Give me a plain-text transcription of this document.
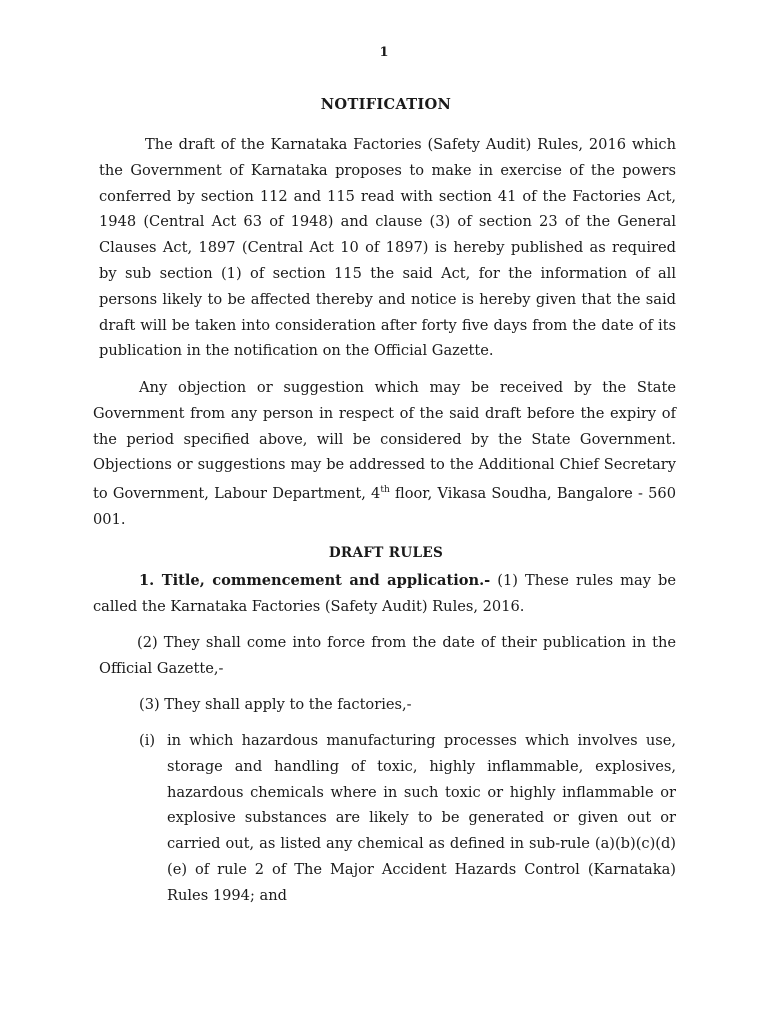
1
NOTIFICATION

The draft of the Karnataka Factories (Safety Audit) Rules, 2016 which the Government of Karnataka proposes to make in exercise of the powers conferred by section 112 and 115 read with section 41 of the Factories Act, 1948 (Central Act 63 of 1948) and clause (3) of section 23 of the General Clauses Act, 1897 (Central Act 10 of 1897) is hereby published as required by sub section (1) of section 115 the said Act, for the information of all persons likely to be affected thereby and notice is hereby given that the said draft will be taken into consideration after forty five days from the date of its publication in the notification on the Official Gazette.

Any objection or suggestion which may be received by the State Government from any person in respect of the said draft before the expiry of the period specified above, will be considered by the State Government. Objections or suggestions may be addressed to the Additional Chief Secretary to Government, Labour Department, 4th floor, Vikasa Soudha, Bangalore - 560 001.

DRAFT RULES

1. Title, commencement and application.- (1) These rules may be called the Karnataka Factories (Safety Audit) Rules, 2016.

(2) They shall come into force from the date of their publication in the Official Gazette,-

(3) They shall apply to the factories,-

(i) in which hazardous manufacturing processes which involves use, storage and handling of toxic, highly inflammable, explosives, hazardous chemicals where in such toxic or highly inflammable or explosive substances are likely to be generated or given out or carried out, as listed any chemical as defined in sub-rule (a)(b)(c)(d)(e) of rule 2 of The Major Accident Hazards Control (Karnataka) Rules 1994; and
